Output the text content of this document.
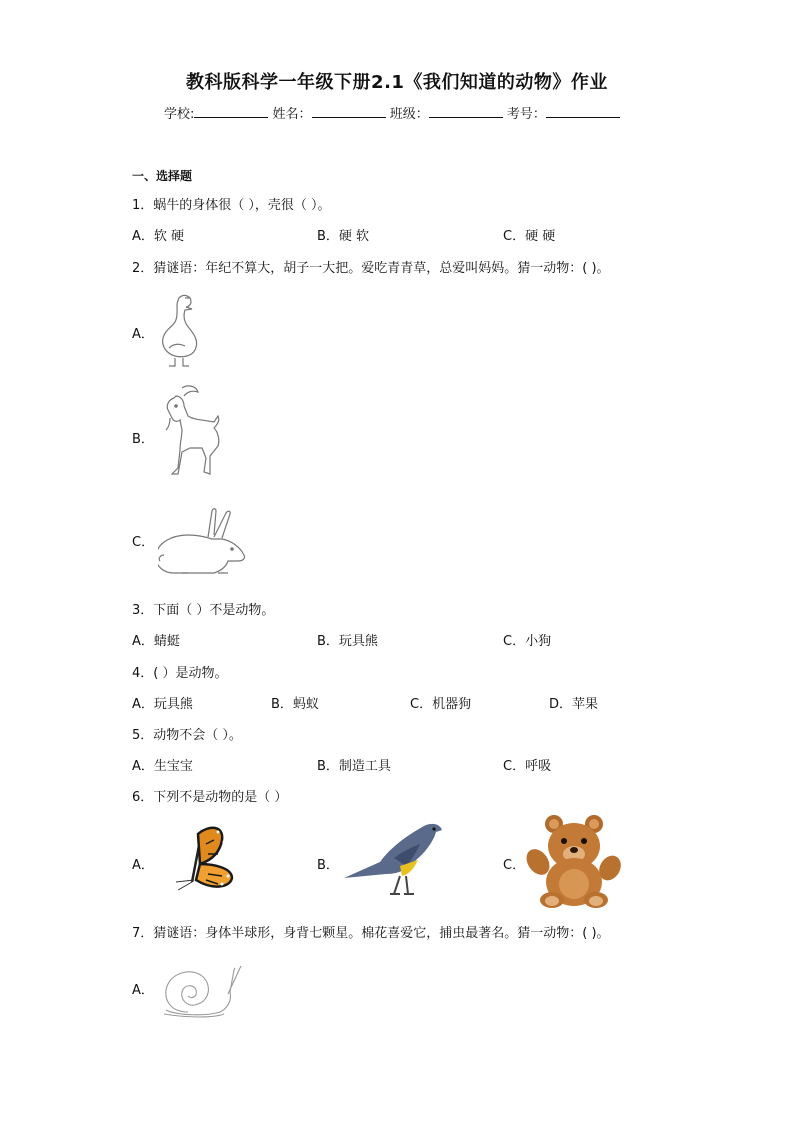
教科版科学一年级下册2.1《我们知道的动物》作业
学校:	姓名：	班级：	考号：
一、选择题
1．蜗牛的身体很（ ），壳很（ ）。
A．软 硬	B．硬 软	C．硬 硬
2．猜谜语：年纪不算大，胡子一大把。爱吃青青草，总爱叫妈妈。猜一动物：( )。
A．
B．
C．
3．下面（ ）不是动物。
A．蜻蜓	B．玩具熊	C．小狗
4．( ）是动物。
A．玩具熊	B．蚂蚁	C．机器狗	D．苹果
5．动物不会（ ）。
A．生宝宝	B．制造工具	C．呼吸
6．下列不是动物的是（ ）
A．	B．	C．
7．猜谜语：身体半球形，身背七颗星。棉花喜爱它，捕虫最著名。猜一动物：( )。
A．
